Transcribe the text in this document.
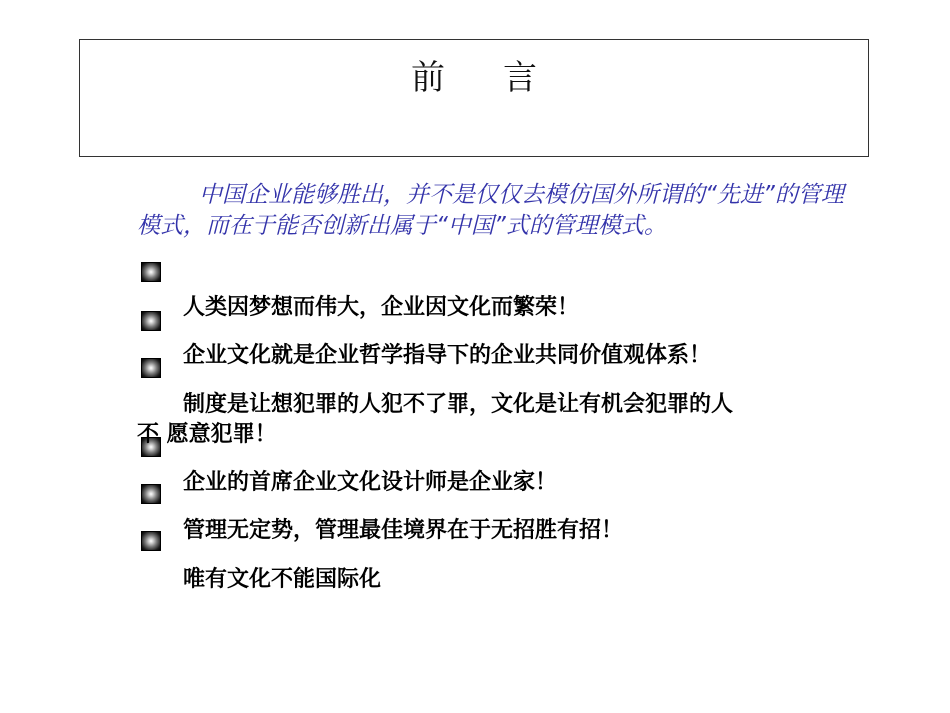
前言

中国企业能够胜出，并不是仅仅去模仿国外所谓的“先进”的管理模式，而在于能否创新出属于“中国”式的管理模式。

人类因梦想而伟大，企业因文化而繁荣！

企业文化就是企业哲学指导下的企业共同价值观体系！

制度是让想犯罪的人犯不了罪，文化是让有机会犯罪的人

不 愿意犯罪！

企业的首席企业文化设计师是企业家！

管理无定势，管理最佳境界在于无招胜有招！

唯有文化不能国际化
